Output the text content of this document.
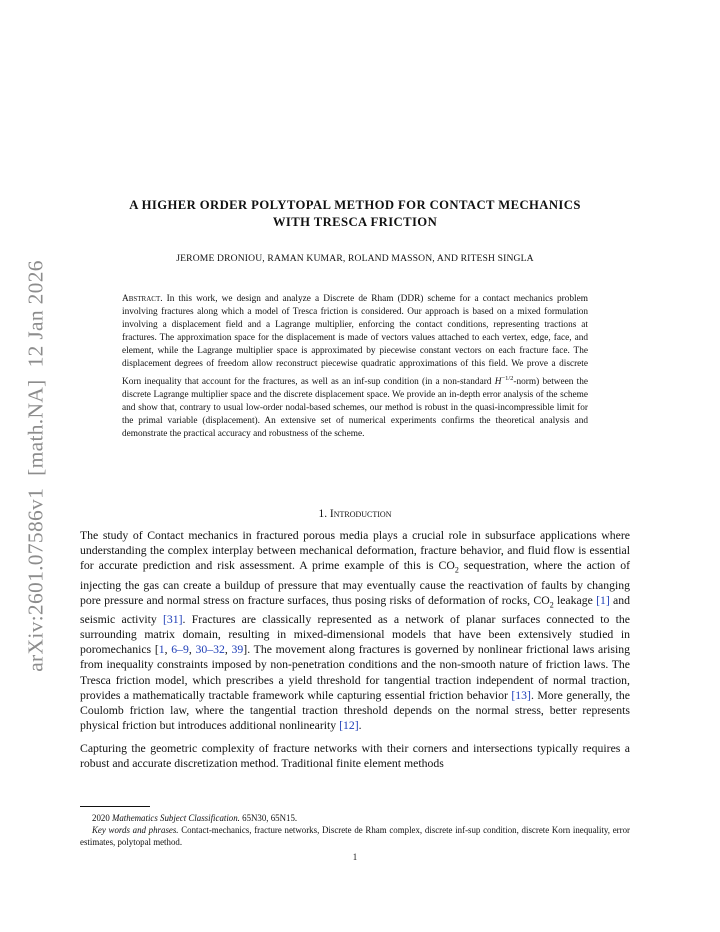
arXiv:2601.07586v1[math.NA]12 Jan 2026
A HIGHER ORDER POLYTOPAL METHOD FOR CONTACT MECHANICS
WITH TRESCA FRICTION
JEROME DRONIOU, RAMAN KUMAR, ROLAND MASSON, AND RITESH SINGLA
Abstract. In this work, we design and analyze a Discrete de Rham (DDR) scheme for a contact mechanics problem involving fractures along which a model of Tresca friction is considered. Our approach is based on a mixed formulation involving a displacement field and a Lagrange multiplier, enforcing the contact conditions, representing tractions at fractures. The approximation space for the displacement is made of vectors values attached to each vertex, edge, face, and element, while the Lagrange multiplier space is approximated by piecewise constant vectors on each fracture face. The displacement degrees of freedom allow reconstruct piecewise quadratic approximations of this field. We prove a discrete Korn inequality that account for the fractures, as well as an inf-sup condition (in a non-standard $H^{-1/2}-norm$) between the discrete Lagrange multiplier space and the discrete displacement space. We provide an in-depth error analysis of the scheme and show that, contrary to usual low-order nodal-based schemes, our method is robust in the quasi-incompressible limit for the primal variable (displacement). An extensive set of numerical experiments confirms the theoretical analysis and demonstrate the practical accuracy and robustness of the scheme.
1. Introduction

The study of Contact mechanics in fractured porous media plays a crucial role in subsurface applications where understanding the complex interplay between mechanical deformation, fracture behavior, and fluid flow is essential for accurate prediction and risk assessment. A prime example of this is $CO_2$ sequestration, where the action of injecting the gas can create a buildup of pressure that may eventually cause the reactivation of faults by changing pore pressure and normal stress on fracture surfaces, thus posing risks of deformation of rocks, $CO_2$ leakage [1] and seismic activity [31]. Fractures are classically represented as a network of planar surfaces connected to the surrounding matrix domain, resulting in mixed-dimensional models that have been extensively studied in poromechanics [1, 6–9, 30–32, 39]. The movement along fractures is governed by nonlinear frictional laws arising from inequality constraints imposed by non-penetration conditions and the non-smooth nature of friction laws. The Tresca friction model, which prescribes a yield threshold for tangential traction independent of normal traction, provides a mathematically tractable framework while capturing essential friction behavior [13]. More generally, the Coulomb friction law, where the tangential traction threshold depends on the normal stress, better represents physical friction but introduces additional nonlinearity [12].

Capturing the geometric complexity of fracture networks with their corners and intersections typically requires a robust and accurate discretization method. Traditional finite element methods

2020 Mathematics Subject Classification. 65N30, 65N15.

Key words and phrases. Contact-mechanics, fracture networks, Discrete de Rham complex, discrete inf-sup condition, discrete Korn inequality, error estimates, polytopal method.

1
